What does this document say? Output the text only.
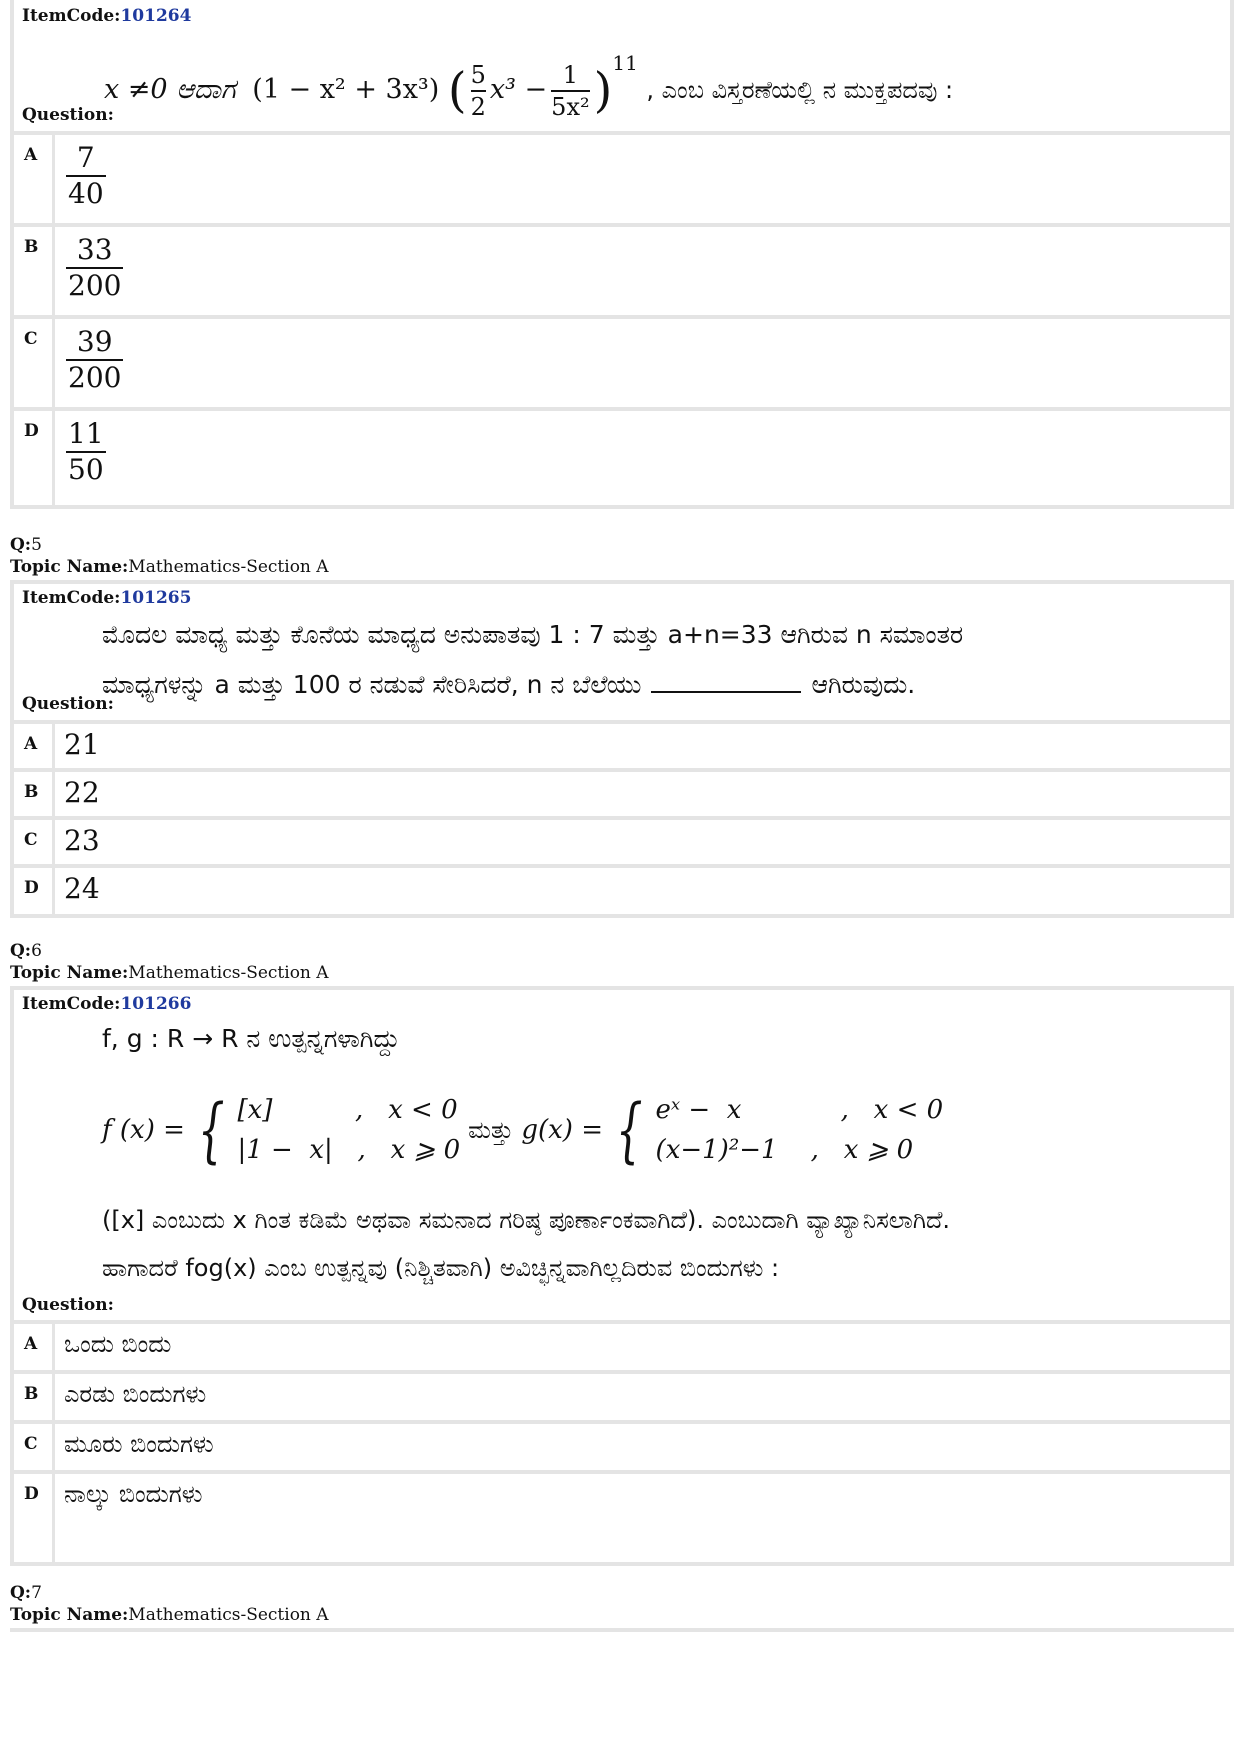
ItemCode:101264
x ≠0 ಆದಾಗ (1 − x² + 3x³) ( $\frac{5}{2} x^3 - \frac{1}{\text{5x²}} )^{11}$ , ಎಂಬ ವಿಸ್ತರಣೆಯಲ್ಲಿ ನ ಮುಕ್ತಪದವು :
Question:
A $\frac{7}{40}$
B $\frac{33}{200}$
C $\frac{39}{200}$
D $\frac{11}{50}$
Q:5
Topic Name:Mathematics-Section A
ItemCode:101265
ಮೊದಲ ಮಾಧ್ಯ ಮತ್ತು ಕೊನೆಯ ಮಾಧ್ಯದ ಅನುಪಾತವು 1 : 7 ಮತ್ತು a+n=33 ಆಗಿರುವ n ಸಮಾಂತರ
ಮಾಧ್ಯಗಳನ್ನು a ಮತ್ತು 100 ರ ನಡುವೆ ಸೇರಿಸಿದರೆ, n ನ ಬೆಲೆಯು	ಆಗಿರುವುದು.
Question:
A 21
B 22
C 23
D 24
Q:6
Topic Name:Mathematics-Section A
ItemCode:101266
f, g : R → R ನ ಉತ್ಪನ್ನಗಳಾಗಿದ್ದು
f (x) = { [x]          ,   x < 0
|1 −  x|   ,   x ⩾ 0
ಮತ್ತು g(x) = { eˣ −  x            ,   x < 0
(x−1)²−1    ,   x ⩾ 0
([x] ಎಂಬುದು x ಗಿಂತ ಕಡಿಮೆ ಅಥವಾ ಸಮನಾದ ಗರಿಷ್ಠ ಪೂರ್ಣಾಂಕವಾಗಿದೆ). ಎಂಬುದಾಗಿ ವ್ಯಾಖ್ಯಾನಿಸಲಾಗಿದೆ.
ಹಾಗಾದರೆ fog(x) ಎಂಬ ಉತ್ಪನ್ನವು (ನಿಶ್ಚಿತವಾಗಿ) ಅವಿಚ್ಛಿನ್ನವಾಗಿಲ್ಲದಿರುವ ಬಿಂದುಗಳು :
Question:
A ಒಂದು ಬಿಂದು
B ಎರಡು ಬಿಂದುಗಳು
C ಮೂರು ಬಿಂದುಗಳು
D ನಾಲ್ಕು ಬಿಂದುಗಳು
Q:7
Topic Name:Mathematics-Section A
